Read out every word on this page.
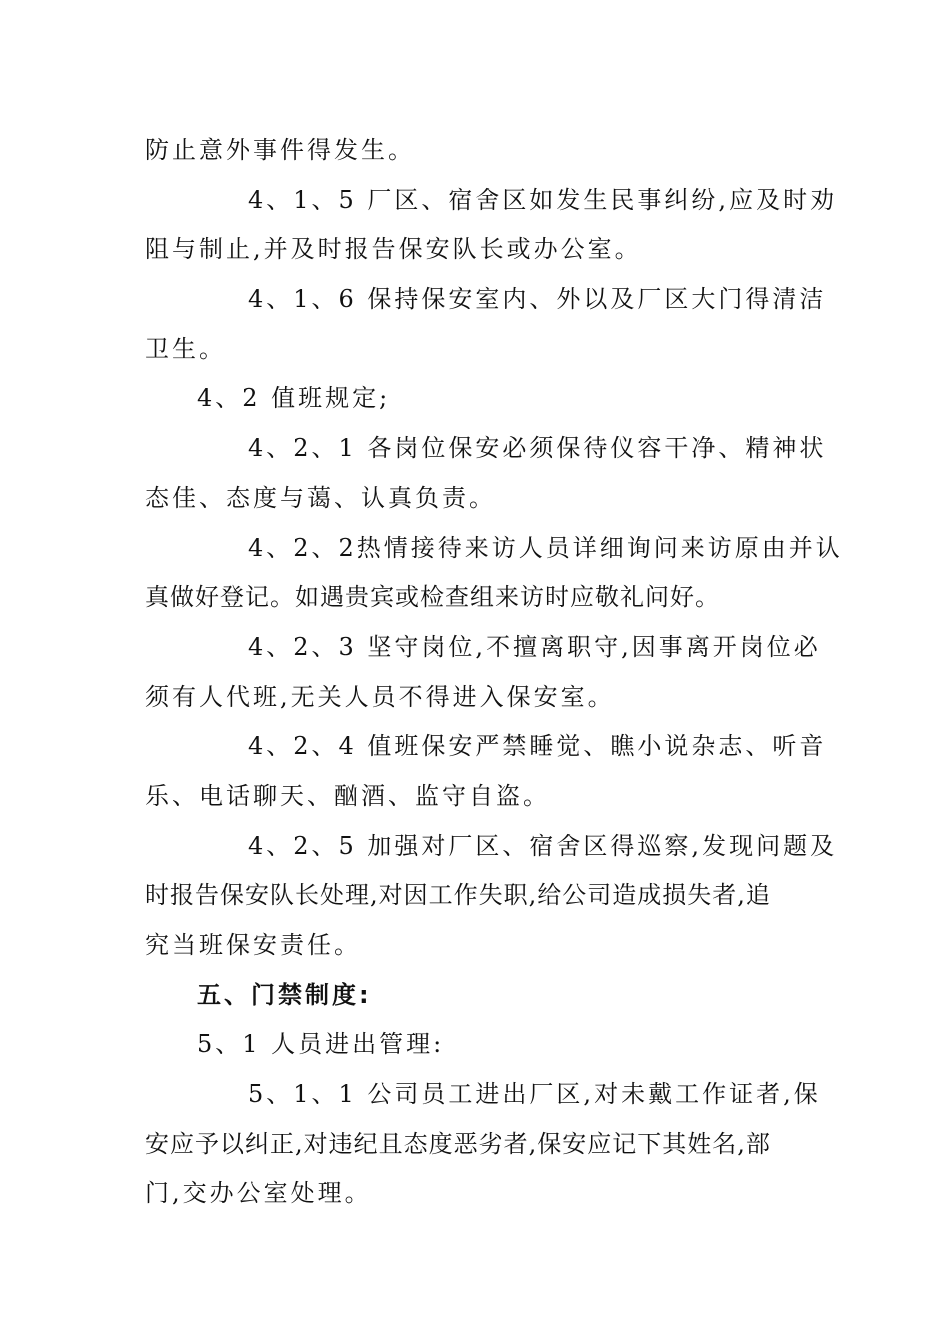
防止意外事件得发生。
4、1、5 厂区、宿舍区如发生民事纠纷,应及时劝
阻与制止,并及时报告保安队长或办公室。
4、1、6 保持保安室内、外以及厂区大门得清洁
卫生。
4、2 值班规定;
4、2、1 各岗位保安必须保待仪容干净、精神状
态佳、态度与蔼、认真负责。
4、2、2热情接待来访人员详细询问来访原由并认
真做好登记。如遇贵宾或检查组来访时应敬礼问好。
4、2、3 坚守岗位,不擅离职守,因事离开岗位必
须有人代班,无关人员不得进入保安室。
4、2、4 值班保安严禁睡觉、瞧小说杂志、听音
乐、电话聊天、酗酒、监守自盗。
4、2、5 加强对厂区、宿舍区得巡察,发现问题及
时报告保安队长处理,对因工作失职,给公司造成损失者,追
究当班保安责任。
五、门禁制度:
5、1 人员进出管理:
5、1、1 公司员工进出厂区,对未戴工作证者,保
安应予以纠正,对违纪且态度恶劣者,保安应记下其姓名,部
门,交办公室处理。
